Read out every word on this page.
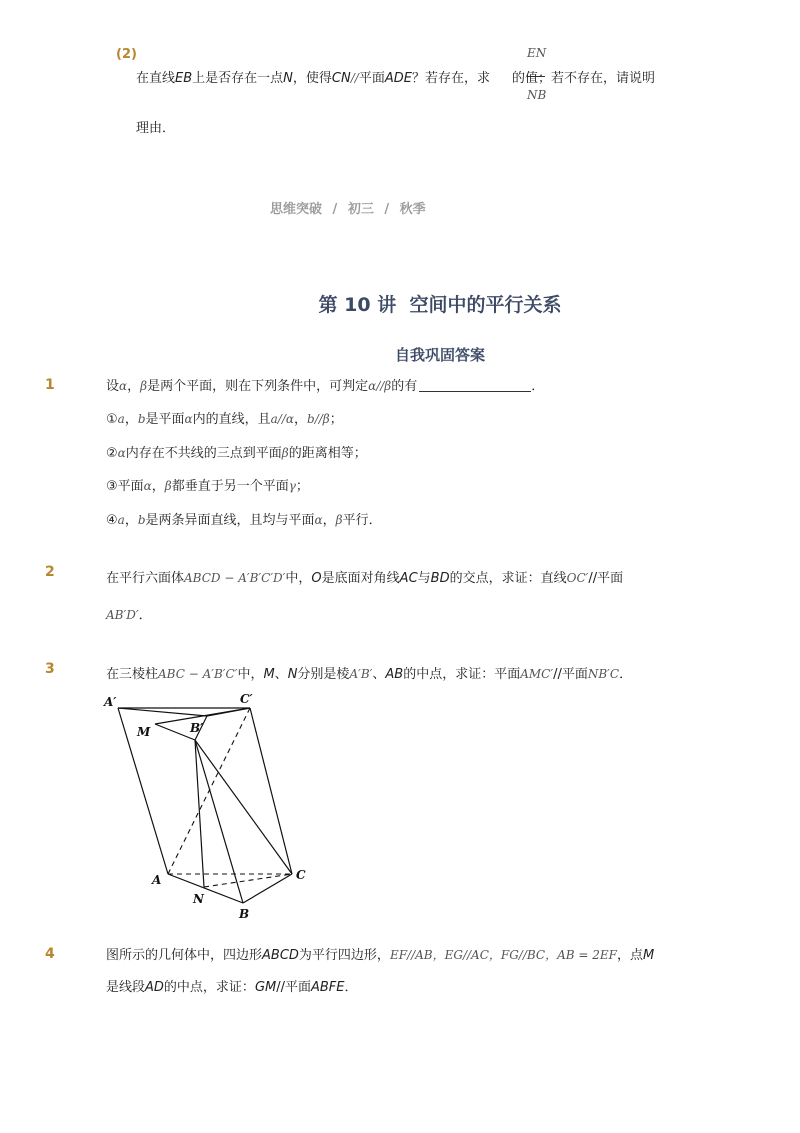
(2)	EN
NB
在直线EB上是否存在一点N，使得CN//平面ADE？若存在，求 的值；若不存在，请说明
理由．
思维突破 / 初三 / 秋季
第 10 讲  空间中的平行关系
自我巩固答案
1	设α，β是两个平面，则在下列条件中，可判定α//β的有	．
①a，b是平面α内的直线，且a//α，b//β；
②α内存在不共线的三点到平面β的距离相等；
③平面α，β都垂直于另一个平面γ；
④a，b是两条异面直线，且均与平面α，β平行．
2	在平行六面体ABCD − A′B′C′D′中，O是底面对角线AC与BD的交点，求证：直线OC′//平面
AB′D′．
3	在三棱柱ABC − A′B′C′中，M、N分别是棱A′B′、AB的中点，求证：平面AMC′//平面NB′C．
A′	C′
B′
M
A	C
N
B
4	图所示的几何体中，四边形ABCD为平行四边形，EF//AB，EG//AC，FG//BC，AB = 2EF，点M
是线段AD的中点，求证：GM//平面ABFE．
